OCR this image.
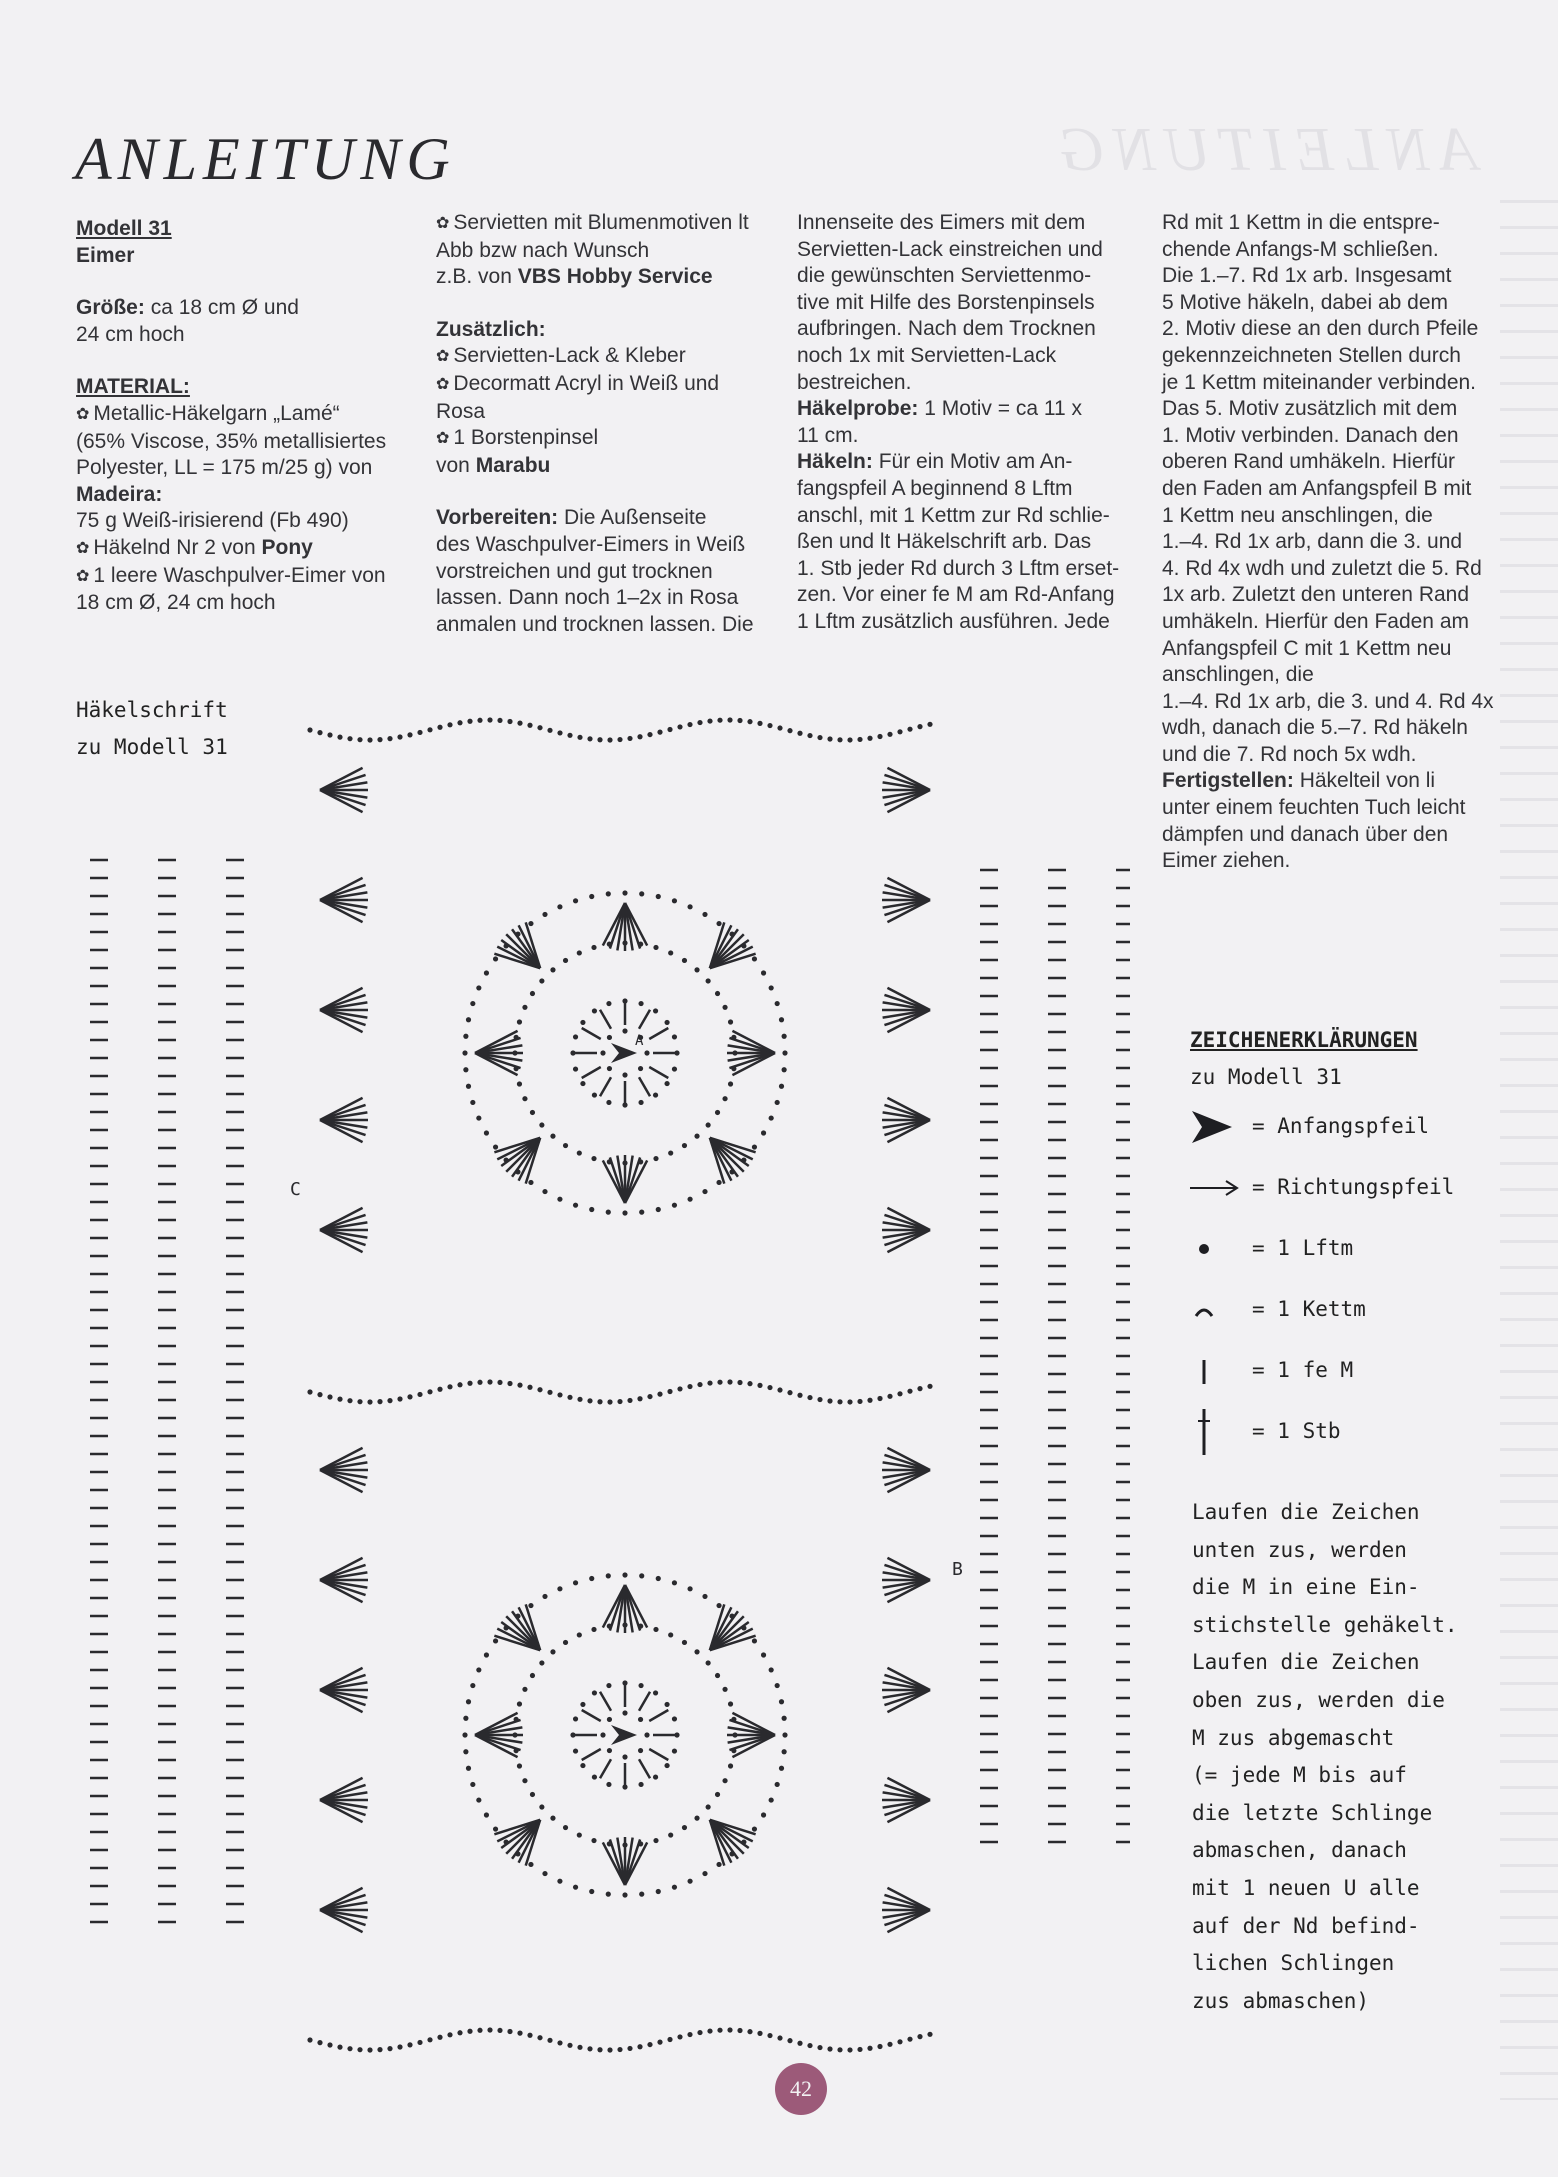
ANLEITUNG
ANLEITUNG

Modell 31

Eimer

Größe: ca 18 cm Ø und

24 cm hoch

MATERIAL:

✿ Metallic-Häkelgarn „Lamé“

(65% Viscose, 35% metallisiertes

Polyester, LL = 175 m/25 g) von

Madeira:

75 g Weiß-irisierend (Fb 490)

✿ Häkelnd Nr 2 von Pony

✿ 1 leere Waschpulver-Eimer von

18 cm Ø, 24 cm hoch

✿ Servietten mit Blumenmotiven lt

Abb bzw nach Wunsch

z.B. von VBS Hobby Service

Zusätzlich:

✿ Servietten-Lack & Kleber

✿ Decormatt Acryl in Weiß und

Rosa

✿ 1 Borstenpinsel

von Marabu

Vorbereiten: Die Außenseite

des Waschpulver-Eimers in Weiß

vorstreichen und gut trocknen

lassen. Dann noch 1–2x in Rosa

anmalen und trocknen lassen. Die

Innenseite des Eimers mit dem

Servietten-Lack einstreichen und

die gewünschten Serviettenmo-

tive mit Hilfe des Borstenpinsels

aufbringen. Nach dem Trocknen

noch 1x mit Servietten-Lack

bestreichen.

Häkelprobe: 1 Motiv = ca 11 x

11 cm.

Häkeln: Für ein Motiv am An-

fangspfeil A beginnend 8 Lftm

anschl, mit 1 Kettm zur Rd schlie-

ßen und lt Häkelschrift arb. Das

1. Stb jeder Rd durch 3 Lftm erset-

zen. Vor einer fe M am Rd-Anfang

1 Lftm zusätzlich ausführen. Jede

Rd mit 1 Kettm in die entspre-

chende Anfangs-M schließen.

Die 1.–7. Rd 1x arb. Insgesamt

5 Motive häkeln, dabei ab dem

2. Motiv diese an den durch Pfeile

gekennzeichneten Stellen durch

je 1 Kettm miteinander verbinden.

Das 5. Motiv zusätzlich mit dem

1. Motiv verbinden. Danach den

oberen Rand umhäkeln. Hierfür

den Faden am Anfangspfeil B mit

1 Kettm neu anschlingen, die

1.–4. Rd 1x arb, dann die 3. und

4. Rd 4x wdh und zuletzt die 5. Rd

1x arb. Zuletzt den unteren Rand

umhäkeln. Hierfür den Faden am

Anfangspfeil C mit 1 Kettm neu

anschlingen, die

1.–4. Rd 1x arb, die 3. und 4. Rd 4x

wdh, danach die 5.–7. Rd häkeln

und die 7. Rd noch 5x wdh.

Fertigstellen: Häkelteil von li

unter einem feuchten Tuch leicht

dämpfen und danach über den

Eimer ziehen.

Häkelschrift
zu Modell 31
C
B
A	ZEICHENERKLÄRUNGEN
zu Modell 31
= Anfangspfeil
= Richtungspfeil
= 1 Lftm
= 1 Kettm
= 1 fe M
= 1 Stb
Laufen die Zeichen
unten zus, werden
die M in eine Ein-
stichstelle gehäkelt.
Laufen die Zeichen
oben zus, werden die
M zus abgemascht
(= jede M bis auf
die letzte Schlinge
abmaschen, danach
mit 1 neuen U alle
auf der Nd befind-
lichen Schlingen
zus abmaschen)
42
